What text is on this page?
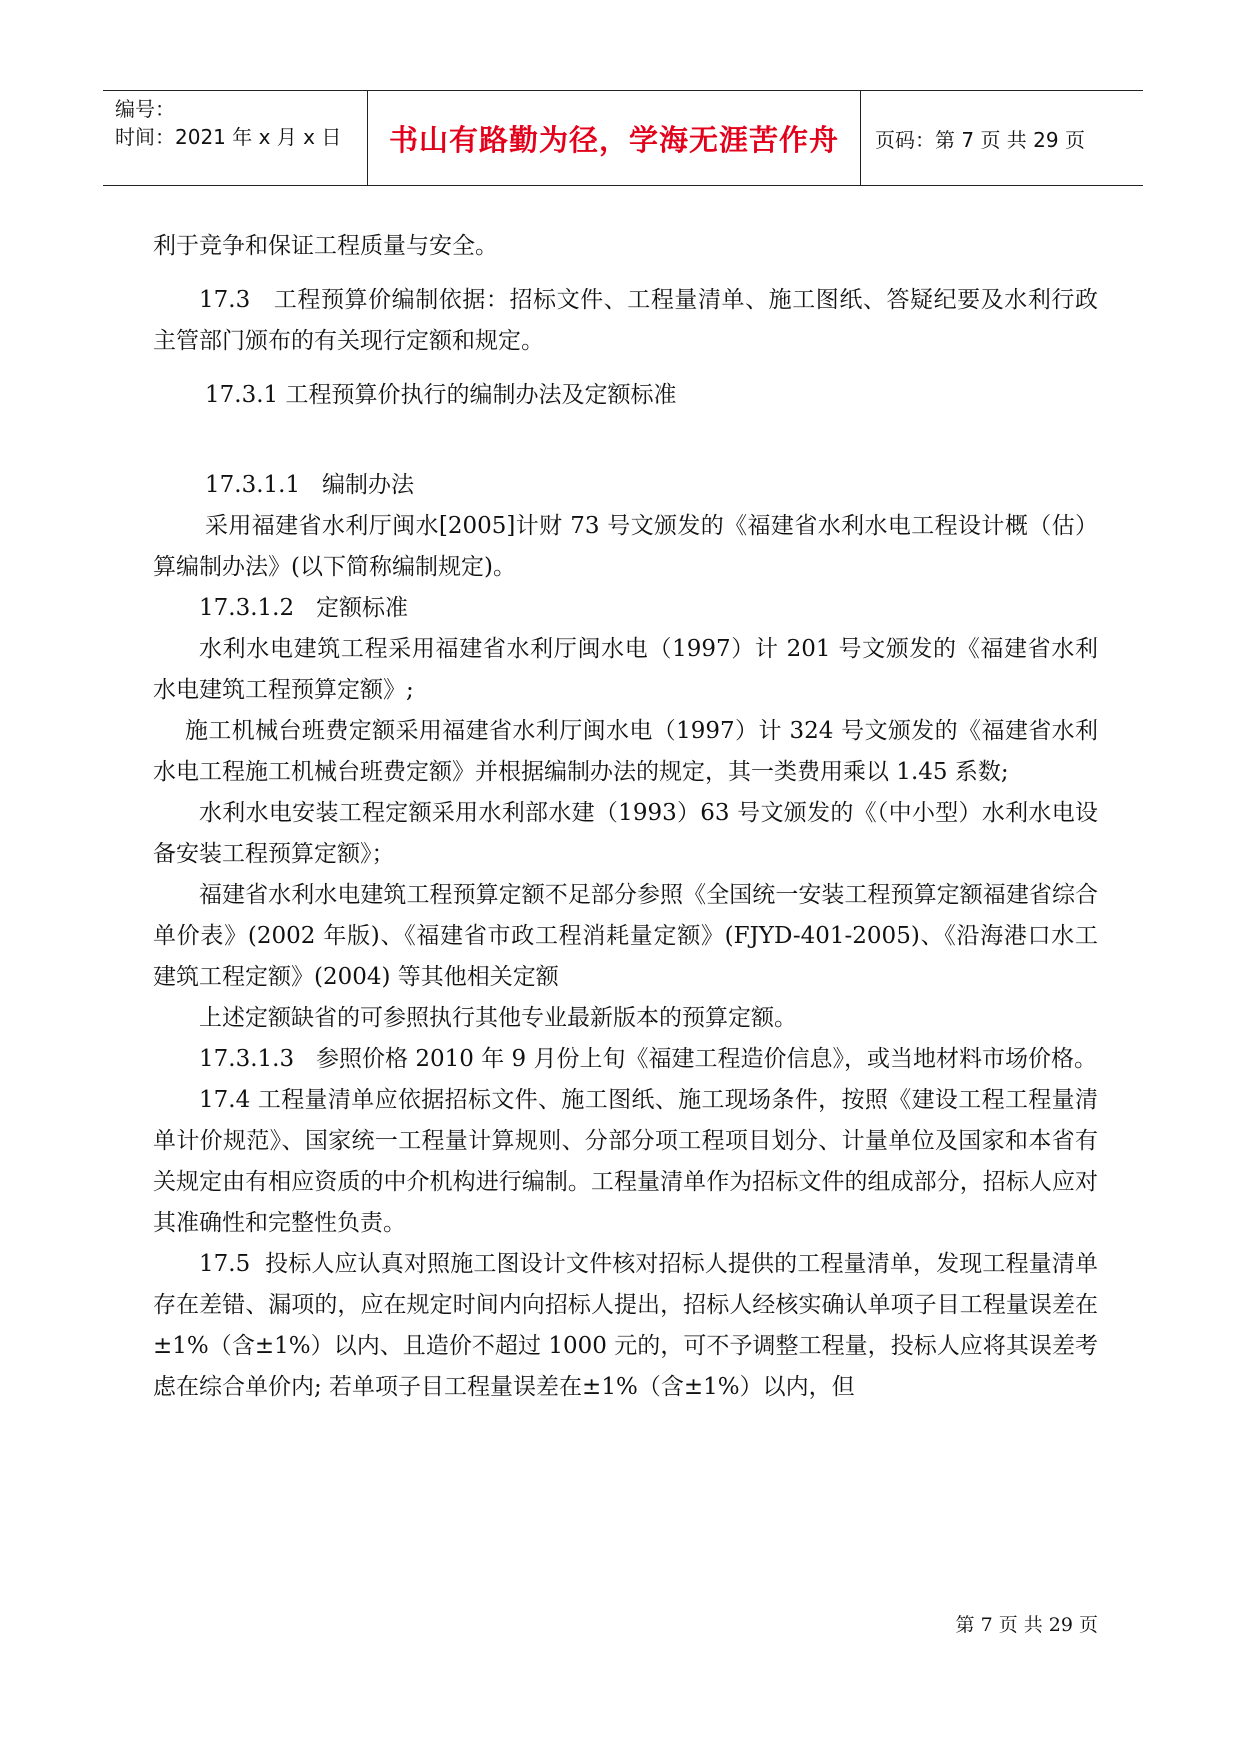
编号：
时间：2021 年 x 月 x 日	书山有路勤为径，学海无涯苦作舟	页码：第 7 页 共 29 页

利于竞争和保证工程质量与安全。

17.3   工程预算价编制依据：招标文件、工程量清单、施工图纸、答疑纪要及水利行政主管部门颁布的有关现行定额和规定。

17.3.1 工程预算价执行的编制办法及定额标准

17.3.1.1   编制办法

采用福建省水利厅闽水[2005]计财 73 号文颁发的《福建省水利水电工程设计概（估）算编制办法》(以下简称编制规定)。

17.3.1.2   定额标准

水利水电建筑工程采用福建省水利厅闽水电（1997）计 201 号文颁发的《福建省水利水电建筑工程预算定额》;

施工机械台班费定额采用福建省水利厅闽水电（1997）计 324 号文颁发的《福建省水利水电工程施工机械台班费定额》并根据编制办法的规定，其一类费用乘以 1.45 系数;

水利水电安装工程定额采用水利部水建（1993）63 号文颁发的《（中小型）水利水电设备安装工程预算定额》；

福建省水利水电建筑工程预算定额不足部分参照《全国统一安装工程预算定额福建省综合单价表》(2002 年版)、《福建省市政工程消耗量定额》(FJYD-401-2005)、《沿海港口水工建筑工程定额》(2004) 等其他相关定额

上述定额缺省的可参照执行其他专业最新版本的预算定额。

17.3.1.3   参照价格 2010 年 9 月份上旬《福建工程造价信息》，或当地材料市场价格。

17.4 工程量清单应依据招标文件、施工图纸、施工现场条件，按照《建设工程工程量清单计价规范》、国家统一工程量计算规则、分部分项工程项目划分、计量单位及国家和本省有关规定由有相应资质的中介机构进行编制。工程量清单作为招标文件的组成部分，招标人应对其准确性和完整性负责。

17.5  投标人应认真对照施工图设计文件核对招标人提供的工程量清单，发现工程量清单存在差错、漏项的，应在规定时间内向招标人提出，招标人经核实确认单项子目工程量误差在±1%（含±1%）以内、且造价不超过 1000 元的，可不予调整工程量，投标人应将其误差考虑在综合单价内; 若单项子目工程量误差在±1%（含±1%）以内，但

第 7 页 共 29 页
